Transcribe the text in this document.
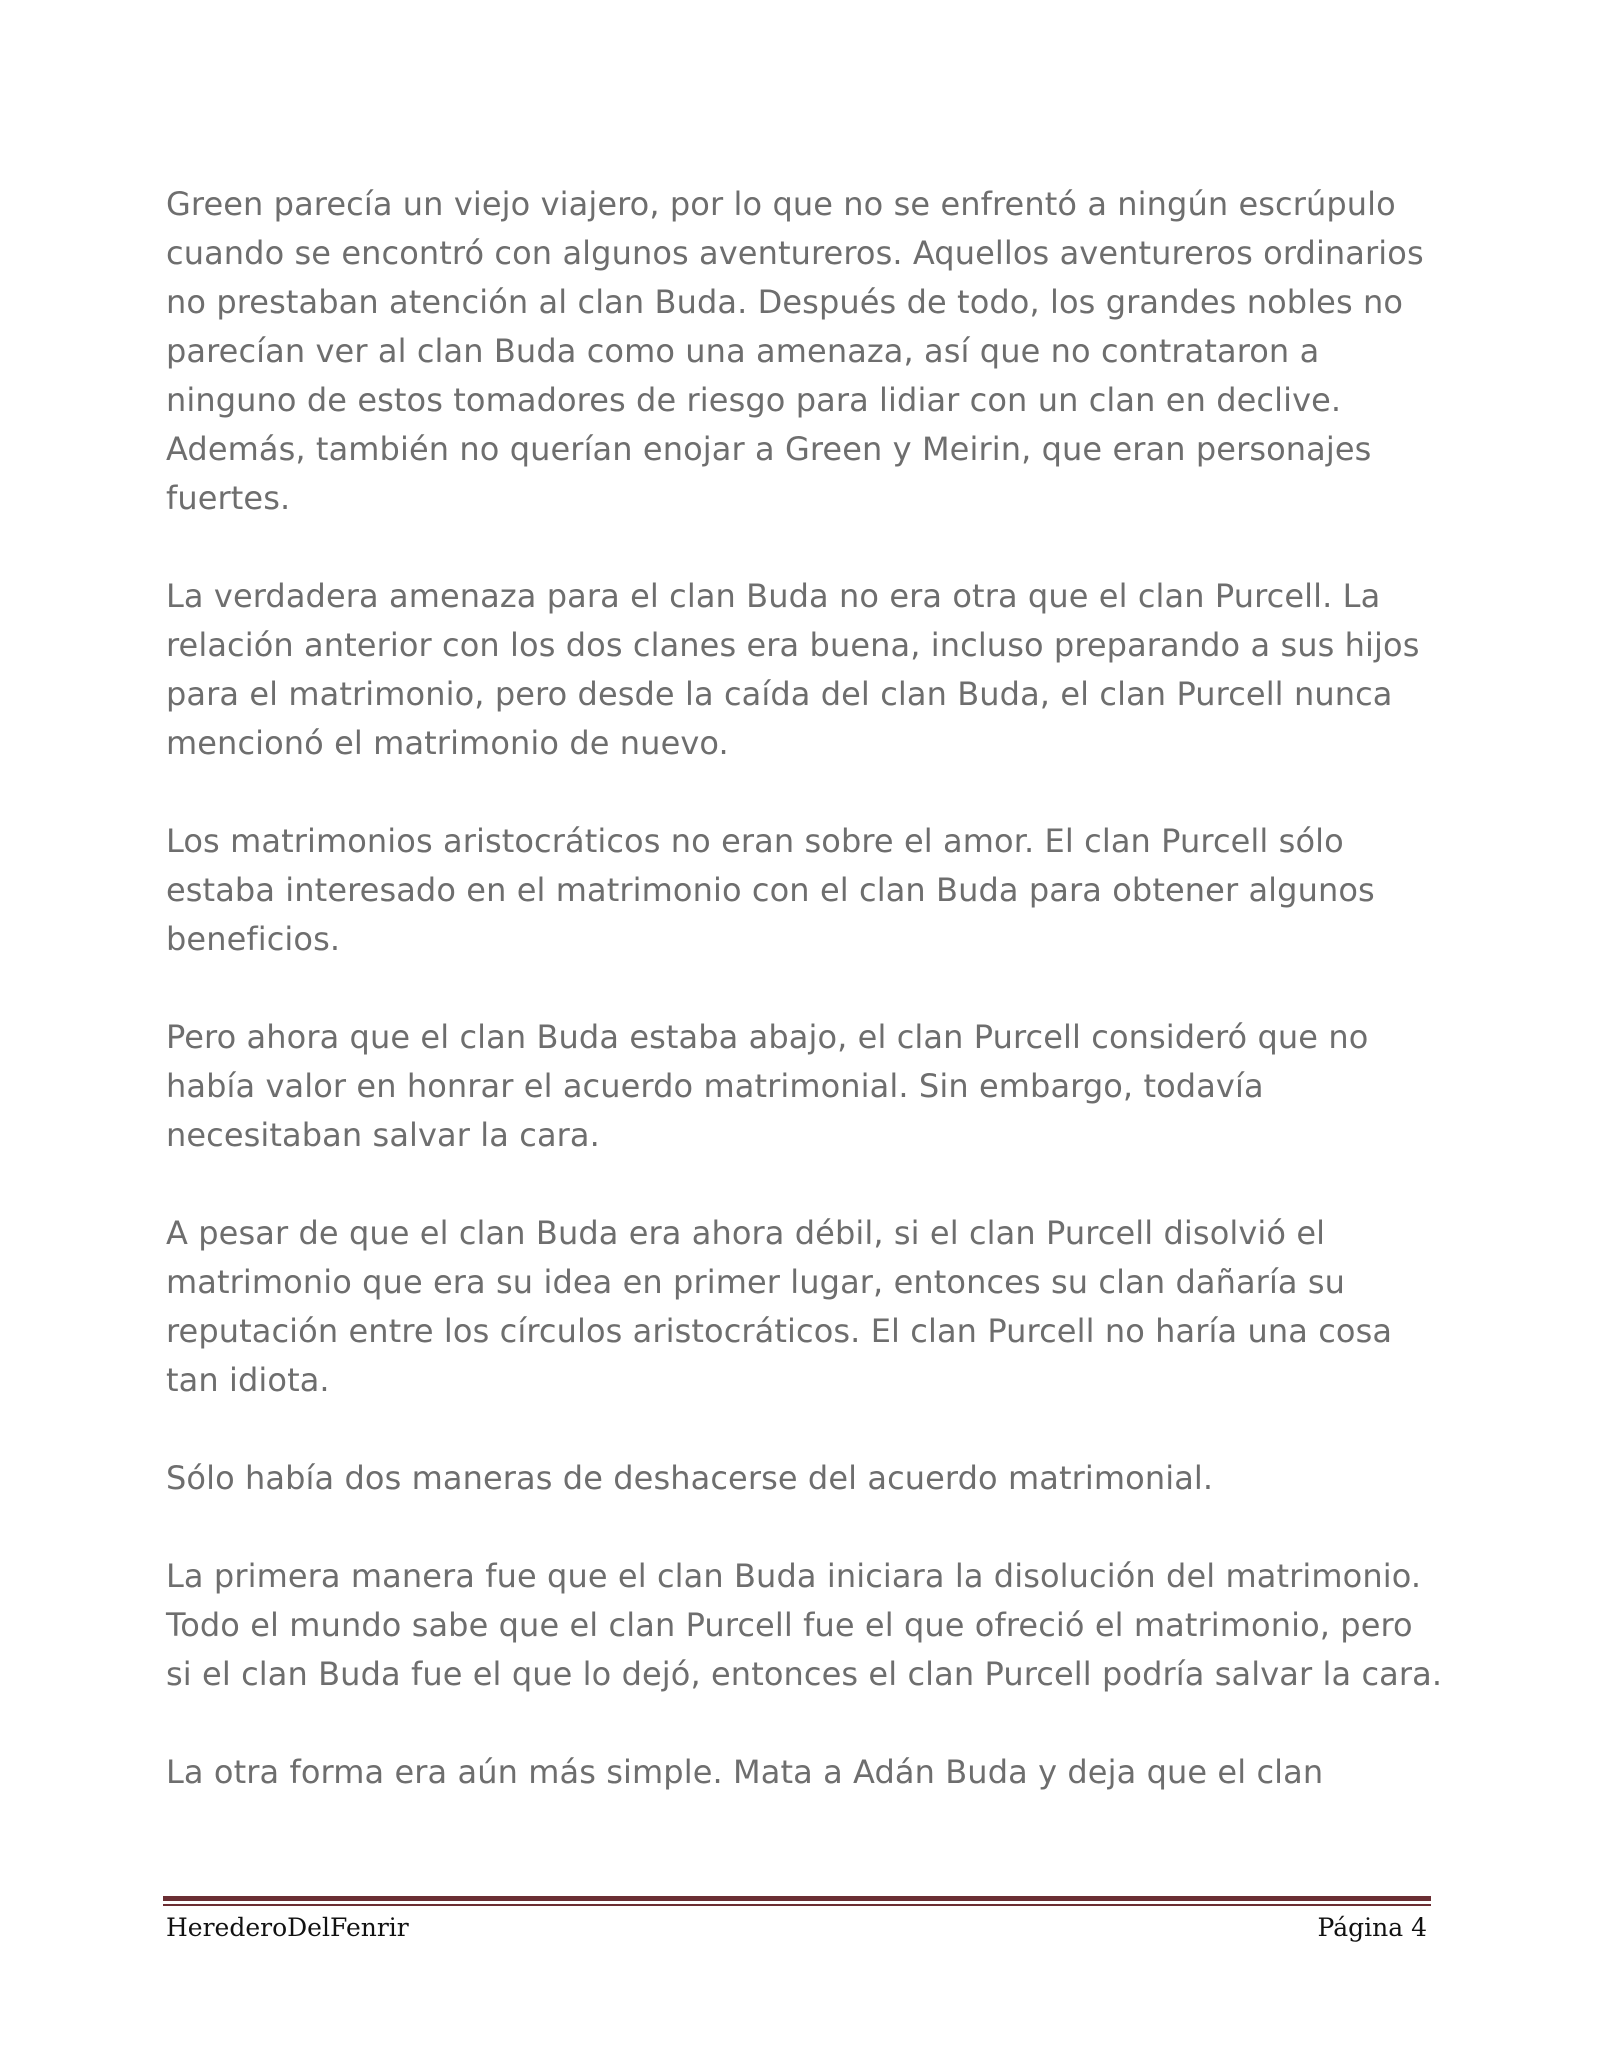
Green parecía un viejo viajero, por lo que no se enfrentó a ningún escrúpulo cuando se encontró con algunos aventureros. Aquellos aventureros ordinarios no prestaban atención al clan Buda. Después de todo, los grandes nobles no parecían ver al clan Buda como una amenaza, así que no contrataron a ninguno de estos tomadores de riesgo para lidiar con un clan en declive. Además, también no querían enojar a Green y Meirin, que eran personajes fuertes.

La verdadera amenaza para el clan Buda no era otra que el clan Purcell. La relación anterior con los dos clanes era buena, incluso preparando a sus hijos para el matrimonio, pero desde la caída del clan Buda, el clan Purcell nunca mencionó el matrimonio de nuevo.

Los matrimonios aristocráticos no eran sobre el amor. El clan Purcell sólo estaba interesado en el matrimonio con el clan Buda para obtener algunos beneficios.

Pero ahora que el clan Buda estaba abajo, el clan Purcell consideró que no había valor en honrar el acuerdo matrimonial. Sin embargo, todavía necesitaban salvar la cara.

A pesar de que el clan Buda era ahora débil, si el clan Purcell disolvió el matrimonio que era su idea en primer lugar, entonces su clan dañaría su reputación entre los círculos aristocráticos. El clan Purcell no haría una cosa tan idiota.

Sólo había dos maneras de deshacerse del acuerdo matrimonial.

La primera manera fue que el clan Buda iniciara la disolución del matrimonio. Todo el mundo sabe que el clan Purcell fue el que ofreció el matrimonio, pero si el clan Buda fue el que lo dejó, entonces el clan Purcell podría salvar la cara.

La otra forma era aún más simple. Mata a Adán Buda y deja que el clan

HerederoDelFenrir	Página 4
